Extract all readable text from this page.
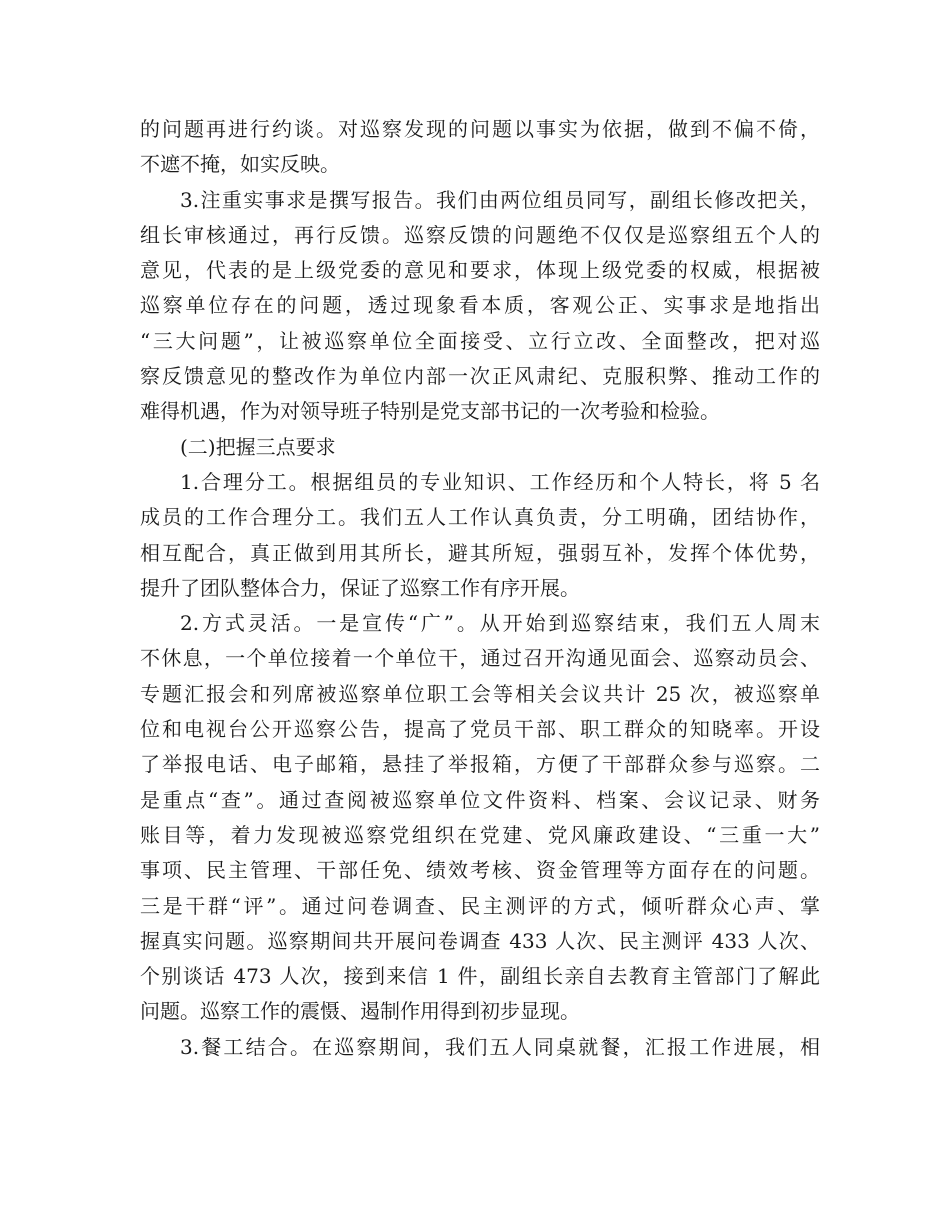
的问题再进行约谈。对巡察发现的问题以事实为依据，做到不偏不倚，
不遮不掩，如实反映。
3.注重实事求是撰写报告。我们由两位组员同写，副组长修改把关，
组长审核通过，再行反馈。巡察反馈的问题绝不仅仅是巡察组五个人的
意见，代表的是上级党委的意见和要求，体现上级党委的权威，根据被
巡察单位存在的问题，透过现象看本质，客观公正、实事求是地指出
“三大问题”，让被巡察单位全面接受、立行立改、全面整改，把对巡
察反馈意见的整改作为单位内部一次正风肃纪、克服积弊、推动工作的
难得机遇，作为对领导班子特别是党支部书记的一次考验和检验。
(二)把握三点要求
1.合理分工。根据组员的专业知识、工作经历和个人特长，将 5 名
成员的工作合理分工。我们五人工作认真负责，分工明确，团结协作，
相互配合，真正做到用其所长，避其所短，强弱互补，发挥个体优势，
提升了团队整体合力，保证了巡察工作有序开展。
2.方式灵活。一是宣传“广”。从开始到巡察结束，我们五人周末
不休息，一个单位接着一个单位干，通过召开沟通见面会、巡察动员会、
专题汇报会和列席被巡察单位职工会等相关会议共计 25 次，被巡察单
位和电视台公开巡察公告，提高了党员干部、职工群众的知晓率。开设
了举报电话、电子邮箱，悬挂了举报箱，方便了干部群众参与巡察。二
是重点“查”。通过查阅被巡察单位文件资料、档案、会议记录、财务
账目等，着力发现被巡察党组织在党建、党风廉政建设、“三重一大”
事项、民主管理、干部任免、绩效考核、资金管理等方面存在的问题。
三是干群“评”。通过问卷调查、民主测评的方式，倾听群众心声、掌
握真实问题。巡察期间共开展问卷调查 433 人次、民主测评 433 人次、
个别谈话 473 人次，接到来信 1 件，副组长亲自去教育主管部门了解此
问题。巡察工作的震慑、遏制作用得到初步显现。
3.餐工结合。在巡察期间，我们五人同桌就餐，汇报工作进展，相
